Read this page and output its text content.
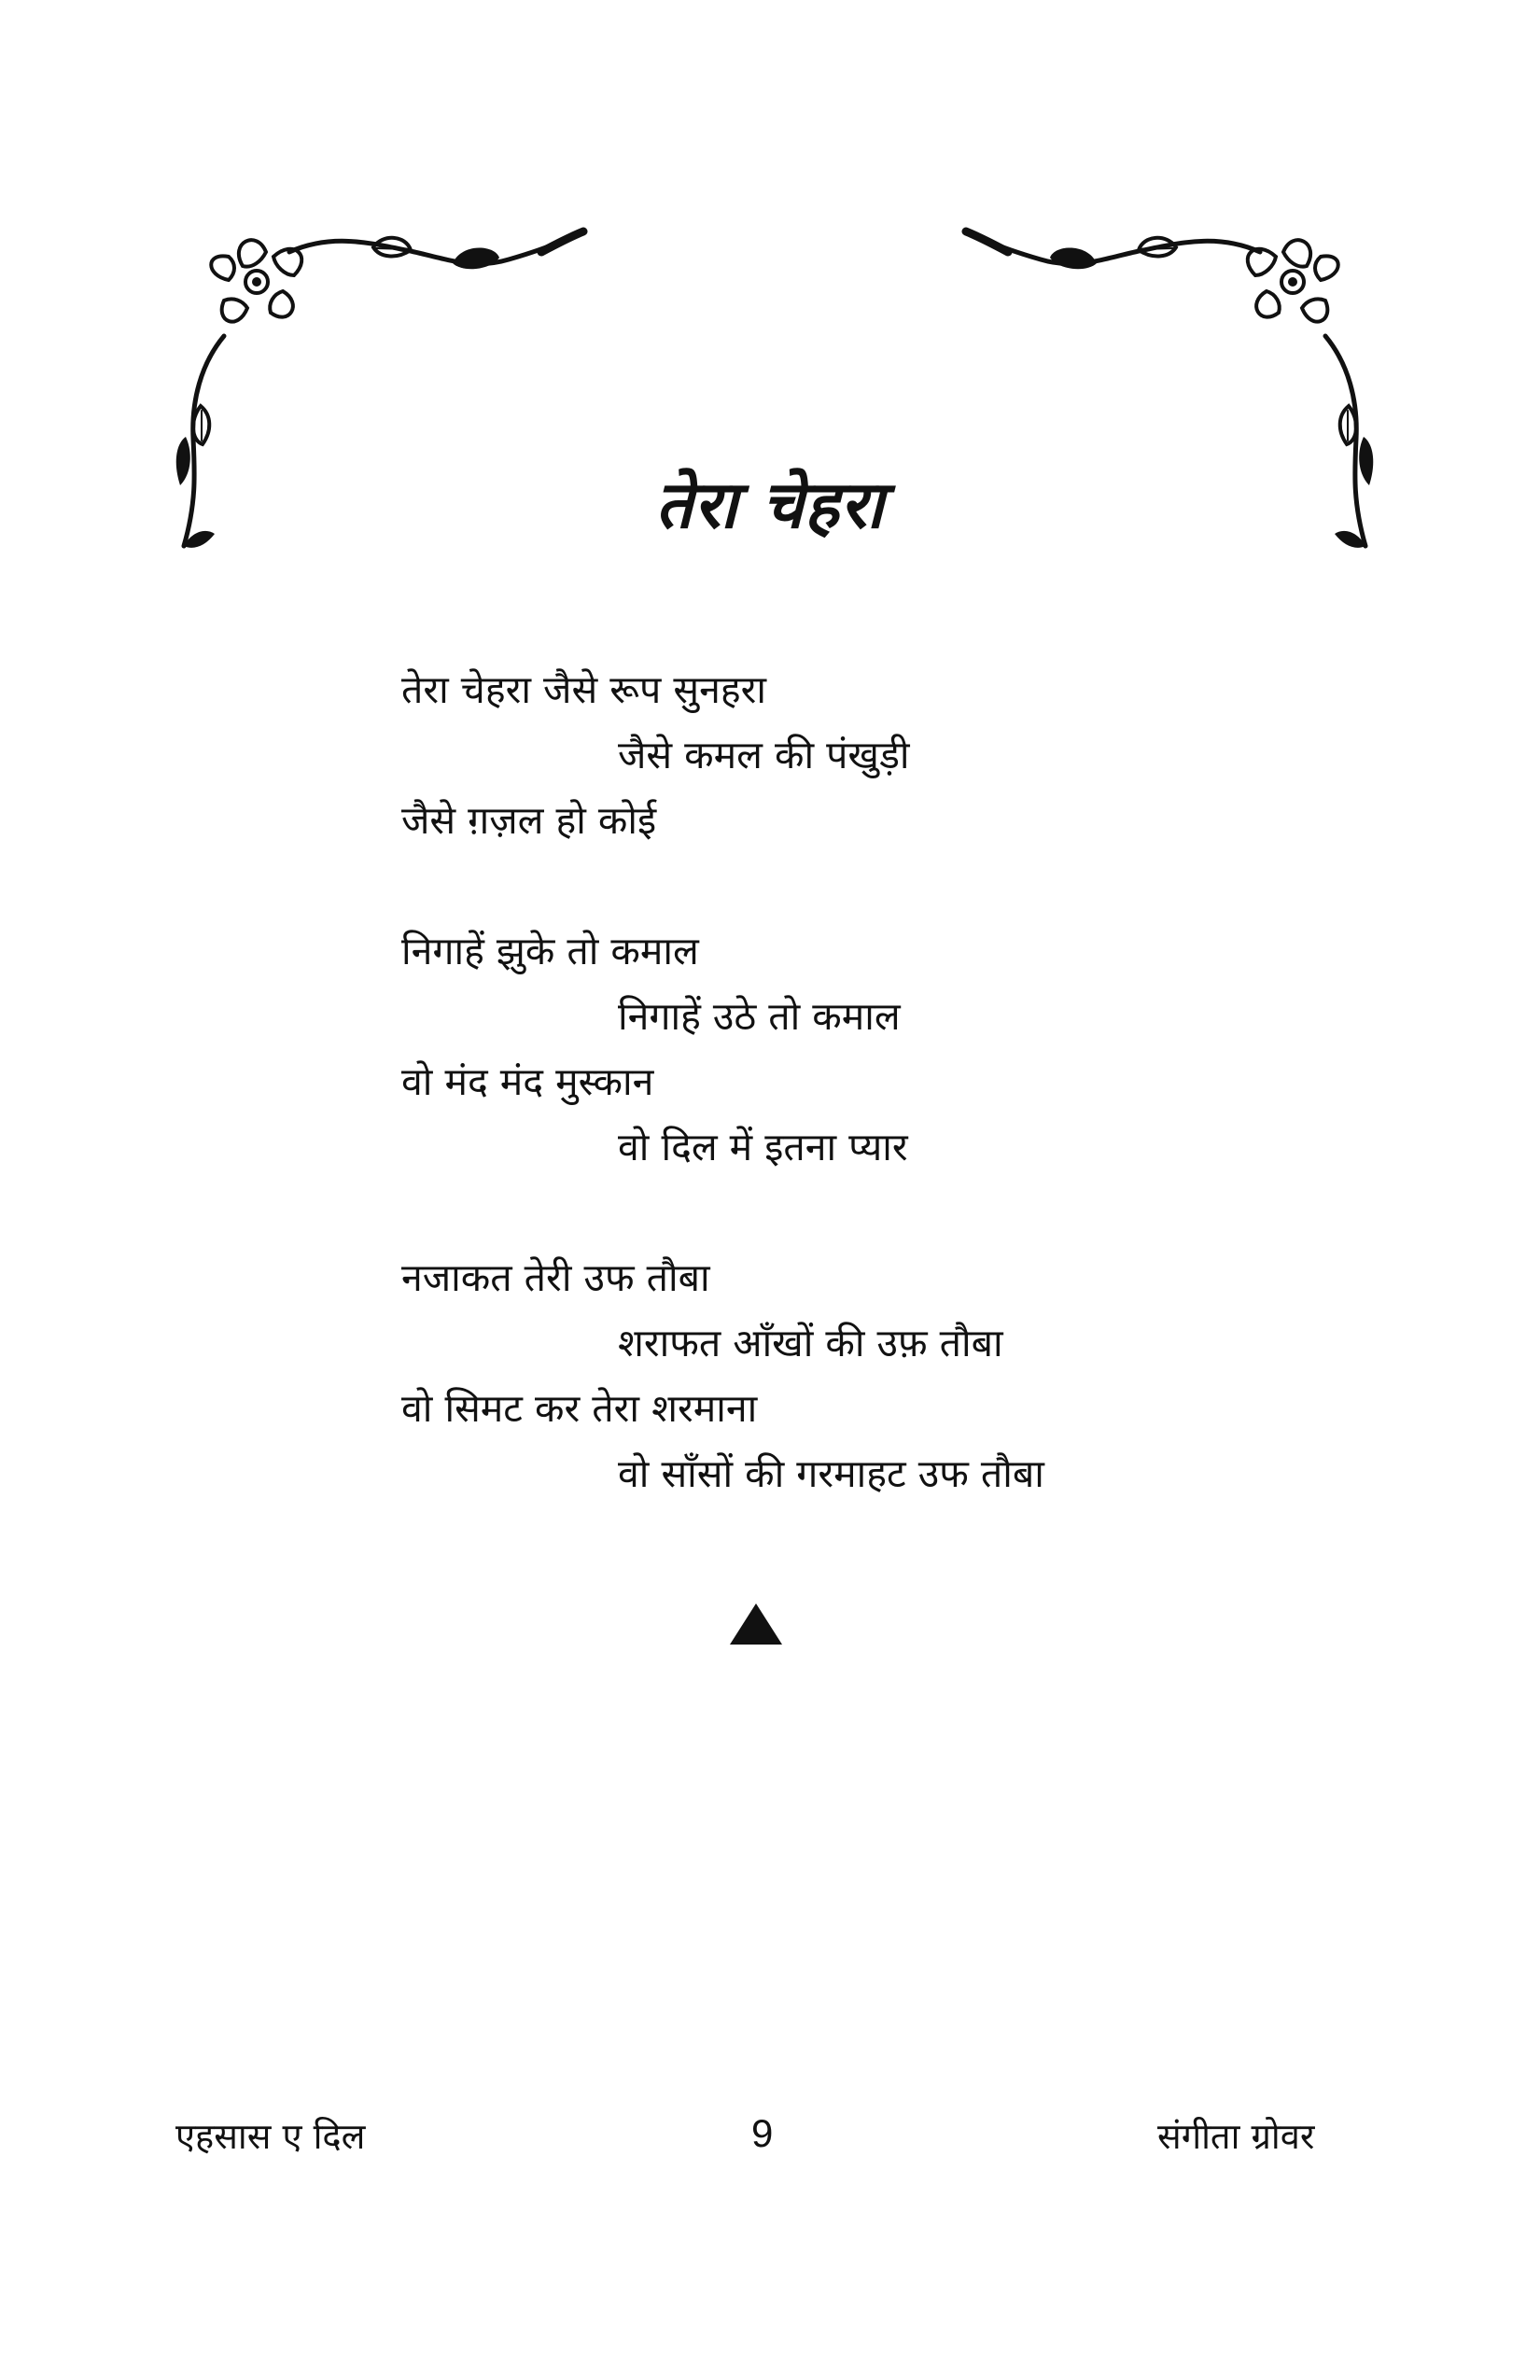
तेरा चेहरा
तेरा चेहरा जैसे रूप सुनहरा
जैसे कमल की पंखुड़ी
जैसे ग़ज़ल हो कोई
निगाहें झुके तो कमाल
निगाहें उठे तो कमाल
वो मंद मंद मुस्कान
वो दिल में इतना प्यार
नजाकत तेरी उफ तौबा
शराफत आँखों की उफ़ तौबा
वो सिमट कर तेरा शरमाना
वो साँसों की गरमाहट उफ तौबा
एहसास ए दिल	9	संगीता ग्रोवर
